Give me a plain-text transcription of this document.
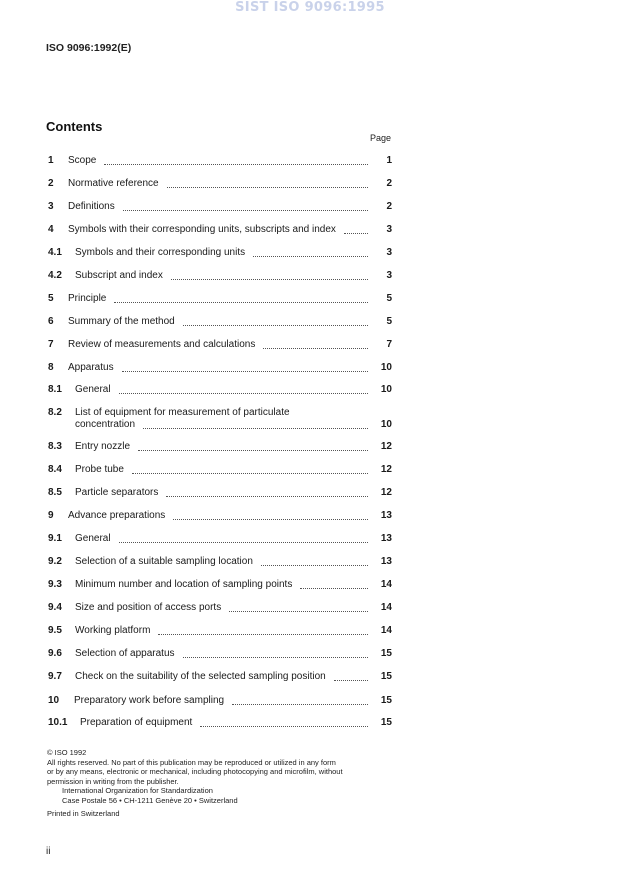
SIST ISO 9096:1995
ISO 9096:1992(E)
Contents
Page
1 Scope	1
2 Normative reference	2
3 Definitions	2
4 Symbols with their corresponding units, subscripts and index	3
4.1 Symbols and their corresponding units	3
4.2 Subscript and index	3
5 Principle	5
6 Summary of the method	5
7 Review of measurements and calculations	7
8 Apparatus	10
8.1 General	10
8.2 List of equipment for measurement of particulate
concentration	10
8.3 Entry nozzle	12
8.4 Probe tube	12
8.5 Particle separators	12
9 Advance preparations	13
9.1 General	13
9.2 Selection of a suitable sampling location	13
9.3 Minimum number and location of sampling points	14
9.4 Size and position of access ports	14
9.5 Working platform	14
9.6 Selection of apparatus	15
9.7 Check on the suitability of the selected sampling position	15
10 Preparatory work before sampling	15
10.1 Preparation of equipment	15
© ISO 1992
All rights reserved. No part of this publication may be reproduced or utilized in any form
or by any means, electronic or mechanical, including photocopying and microfilm, without
permission in writing from the publisher.
International Organization for Standardization
Case Postale 56 • CH-1211 Genève 20 • Switzerland
Printed in Switzerland
ii
